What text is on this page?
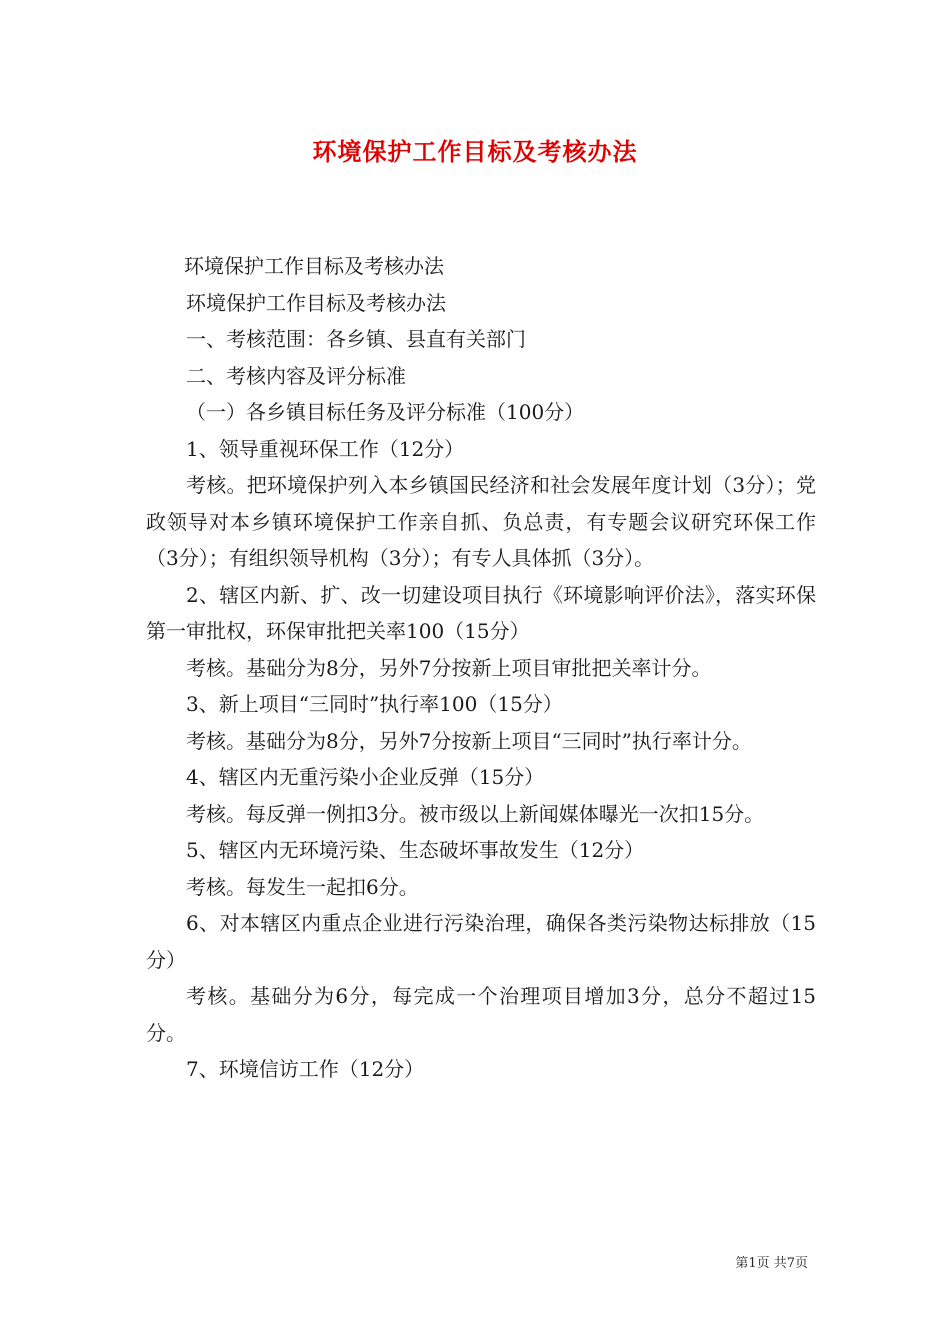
环境保护工作目标及考核办法

环境保护工作目标及考核办法

环境保护工作目标及考核办法

一、考核范围：各乡镇、县直有关部门

二、考核内容及评分标准

（一）各乡镇目标任务及评分标准（100分）

1、领导重视环保工作（12分）

考核。把环境保护列入本乡镇国民经济和社会发展年度计划（3分）；党政领导对本乡镇环境保护工作亲自抓、负总责，有专题会议研究环保工作（3分）；有组织领导机构（3分）；有专人具体抓（3分）。

2、辖区内新、扩、改一切建设项目执行《环境影响评价法》，落实环保第一审批权，环保审批把关率100（15分）

考核。基础分为8分，另外7分按新上项目审批把关率计分。

3、新上项目“三同时”执行率100（15分）

考核。基础分为8分，另外7分按新上项目“三同时”执行率计分。

4、辖区内无重污染小企业反弹（15分）

考核。每反弹一例扣3分。被市级以上新闻媒体曝光一次扣15分。

5、辖区内无环境污染、生态破坏事故发生（12分）

考核。每发生一起扣6分。

6、对本辖区内重点企业进行污染治理，确保各类污染物达标排放（15分）

考核。基础分为6分，每完成一个治理项目增加3分，总分不超过15分。

7、环境信访工作（12分）

第1页 共7页
